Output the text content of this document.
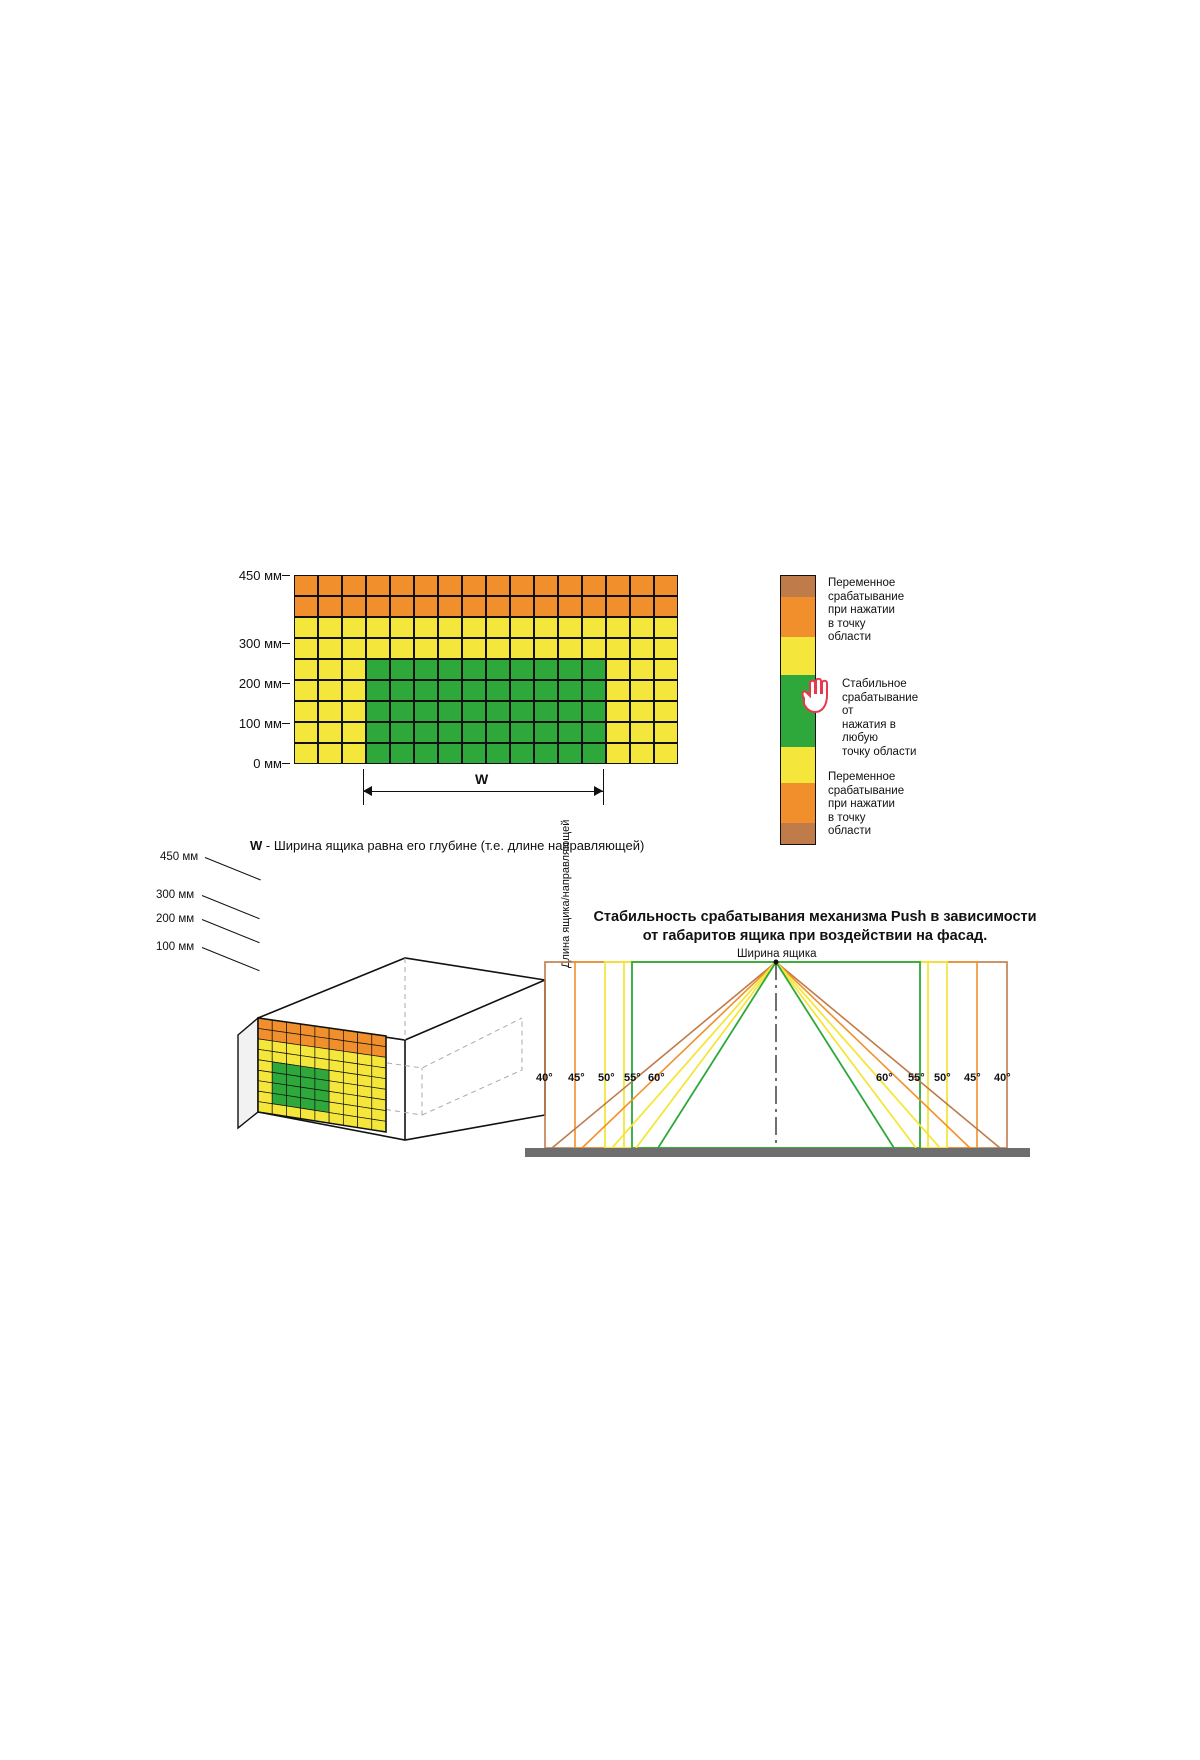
450 мм
300 мм
200 мм
100 мм
0 мм
W
W - Ширина ящика равна его глубине (т.е. длине направляющей)
Переменное
срабатывание
при нажатии
в точку области
Стабильное
срабатывание от
нажатия в любую
точку области
Переменное
срабатывание
при нажатии
в точку области
450 мм
300 мм
200 мм
100 мм
Стабильность срабатывания механизма Push в зависимости
от габаритов ящика при воздействии на фасад.
Длина ящика/направляющей	Ширина ящика
40° 45° 50° 55° 60°	60° 55° 50° 45° 40°
